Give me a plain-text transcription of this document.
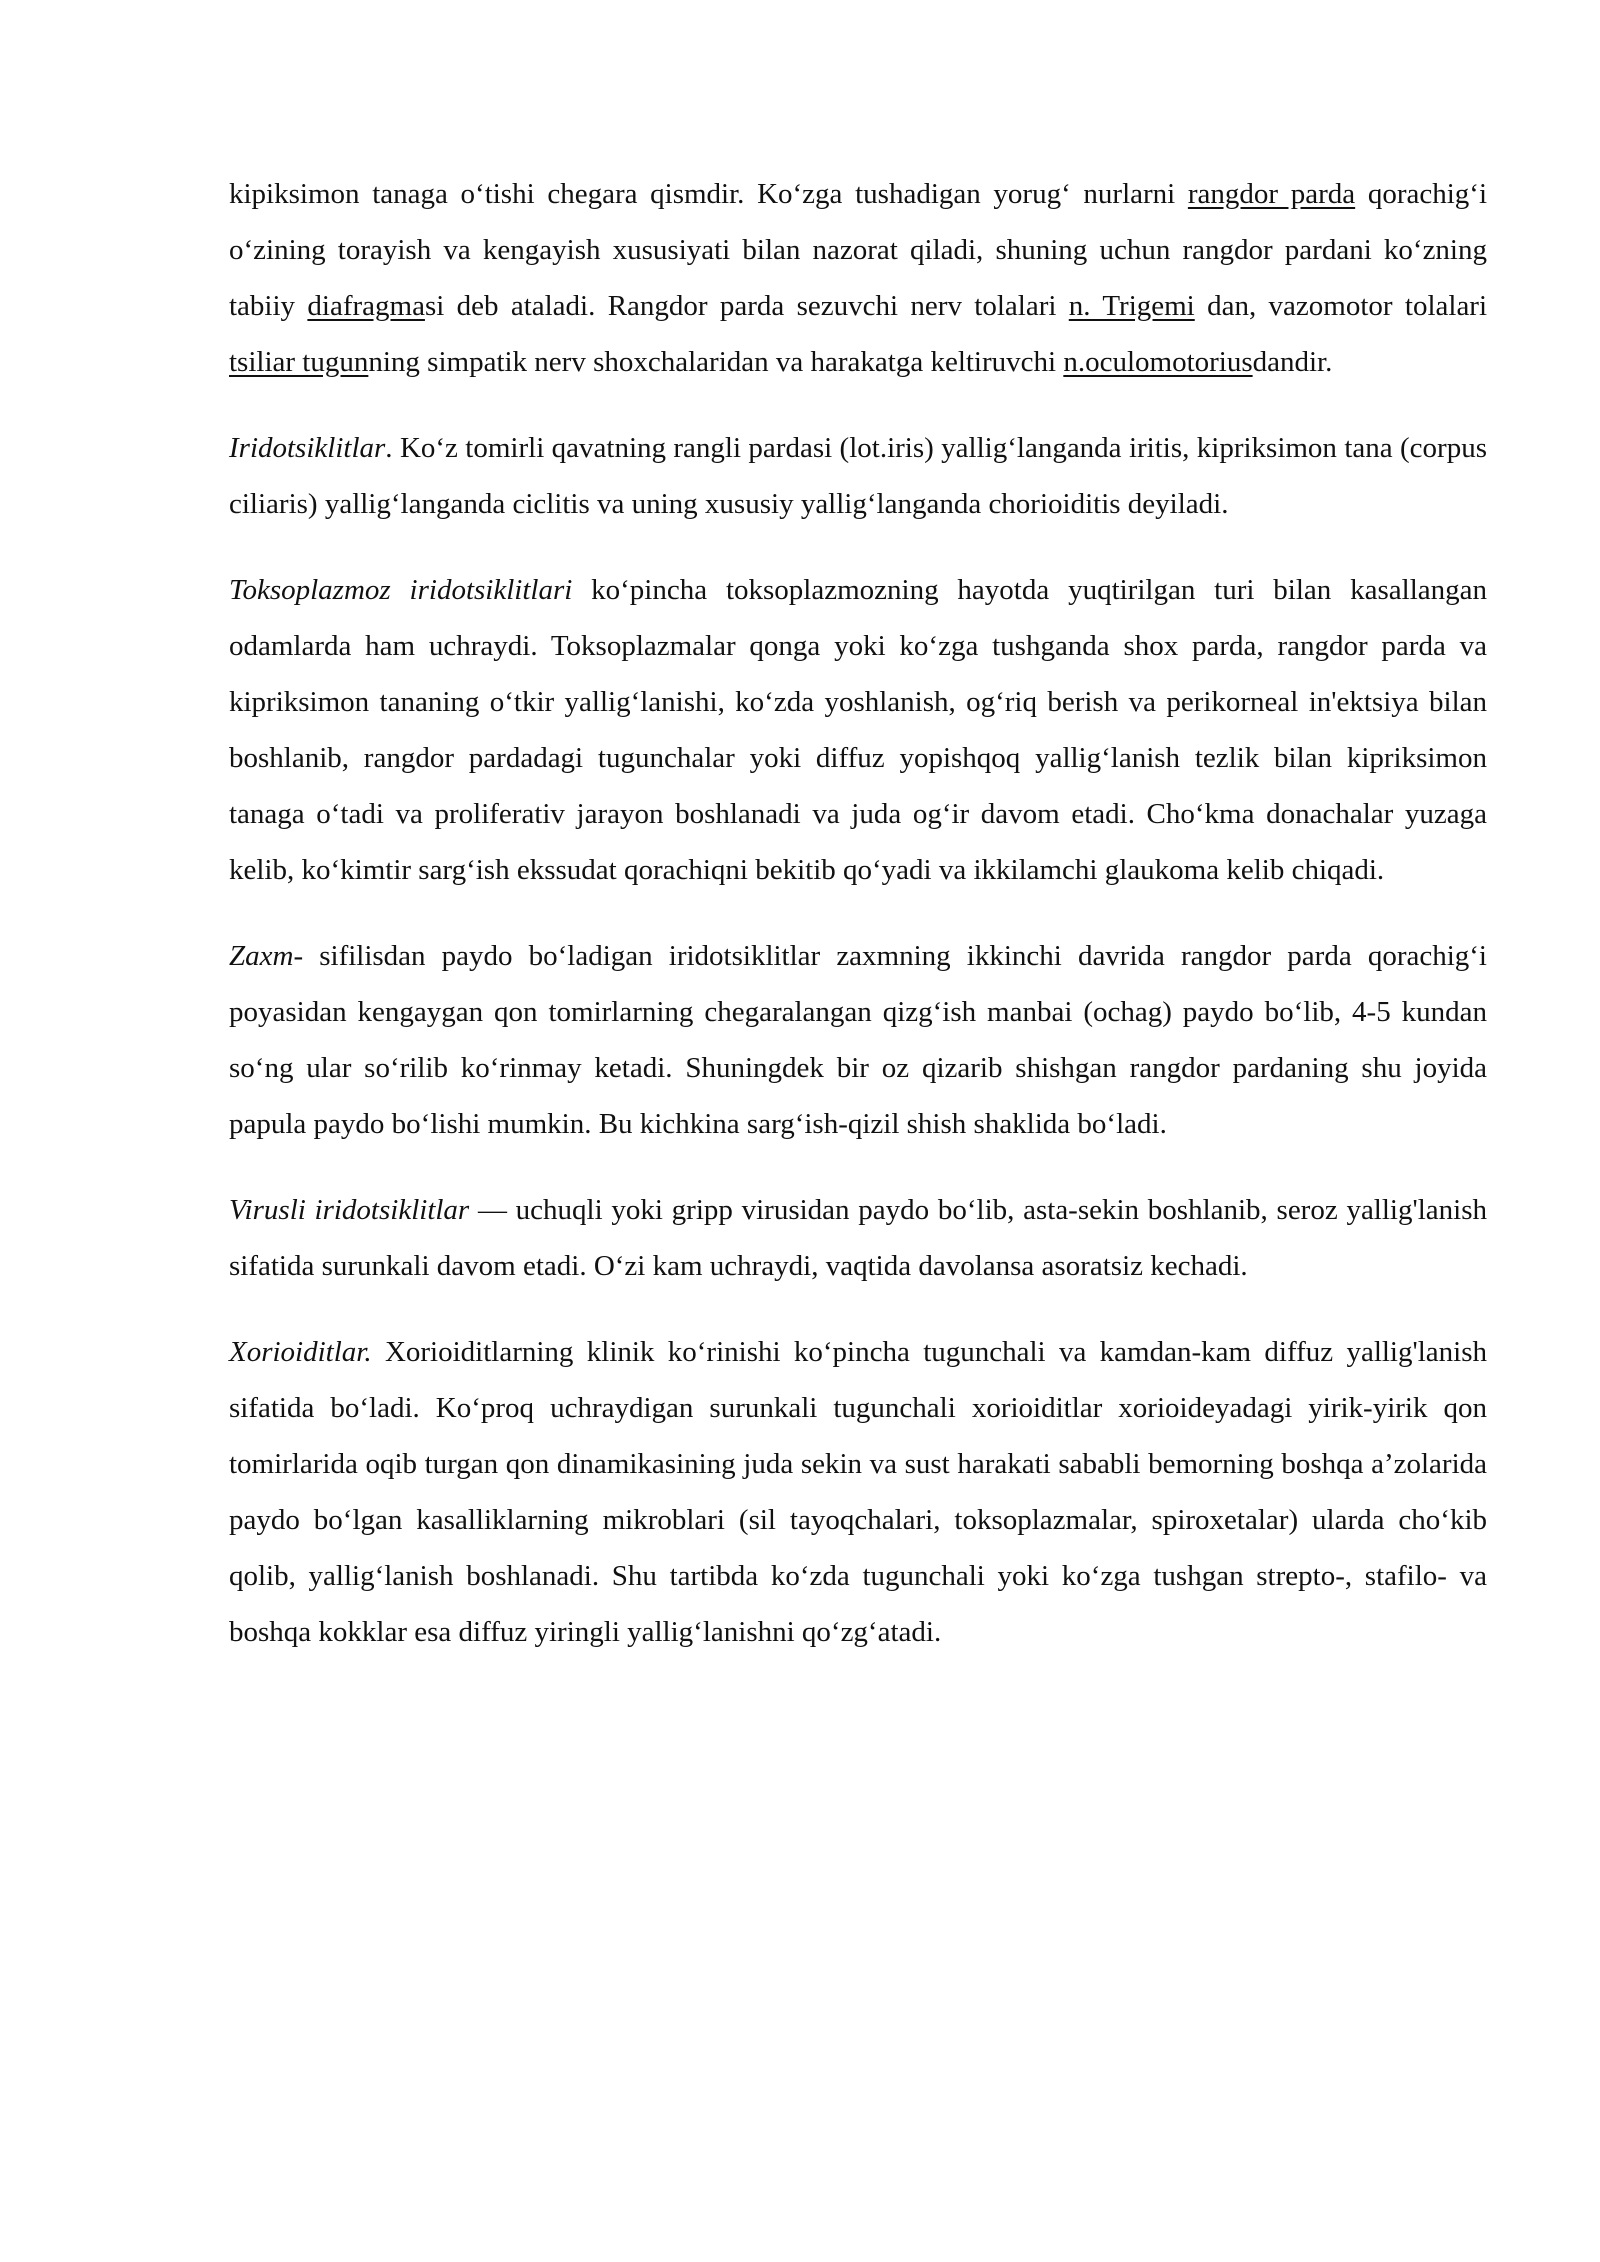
kipiksimon tanaga o‘tishi chegara qismdir. Ko‘zga tushadigan yorug‘ nurlarni rangdor parda qorachig‘i o‘zining torayish va kengayish xususiyati bilan nazorat qiladi, shuning uchun rangdor pardani ko‘zning tabiiy diafragmasi deb ataladi. Rangdor parda sezuvchi nerv tolalari n. Trigemi dan, vazomotor tolalari tsiliar tugunning simpatik nerv shoxchalaridan va harakatga keltiruvchi n.oculomotoriusdandir.

Iridotsiklitlar. Ko‘z tomirli qavatning rangli pardasi (lot.iris) yallig‘langanda iritis, kipriksimon tana (corpus ciliaris) yallig‘langanda ciclitis va uning xususiy yallig‘langanda chorioiditis deyiladi.

Toksoplazmoz iridotsiklitlari ko‘pincha toksoplazmozning hayotda yuqtirilgan turi bilan kasallangan odamlarda ham uchraydi. Toksoplazmalar qonga yoki ko‘zga tushganda shox parda, rangdor parda va kipriksimon tananing o‘tkir yallig‘lanishi, ko‘zda yoshlanish, og‘riq berish va perikorneal in'ektsiya bilan boshlanib, rangdor pardadagi tugunchalar yoki diffuz yopishqoq yallig‘lanish tezlik bilan kipriksimon tanaga o‘tadi va proliferativ jarayon boshlanadi va juda og‘ir davom etadi. Cho‘kma donachalar yuzaga kelib, ko‘kimtir sarg‘ish ekssudat qorachiqni bekitib qo‘yadi va ikkilamchi glaukoma kelib chiqadi.

Zaxm- sifilisdan paydo bo‘ladigan iridotsiklitlar zaxmning ikkinchi davrida rangdor parda qorachig‘i poyasidan kengaygan qon tomirlarning chegaralangan qizg‘ish manbai (ochag) paydo bo‘lib, 4-5 kundan so‘ng ular so‘rilib ko‘rinmay ketadi. Shuningdek bir oz qizarib shishgan rangdor pardaning shu joyida papula paydo bo‘lishi mumkin. Bu kichkina sarg‘ish-qizil shish shaklida bo‘ladi.

Virusli iridotsiklitlar — uchuqli yoki gripp virusidan paydo bo‘lib, asta-sekin boshlanib, seroz yallig'lanish sifatida surunkali davom etadi. O‘zi kam uchraydi, vaqtida davolansa asoratsiz kechadi.

Xorioiditlar. Xorioiditlarning klinik ko‘rinishi ko‘pincha tugunchali va kamdan-kam diffuz yallig'lanish sifatida bo‘ladi. Ko‘proq uchraydigan surunkali tugunchali xorioiditlar xorioideyadagi yirik-yirik qon tomirlarida oqib turgan qon dinamikasining juda sekin va sust harakati sababli bemorning boshqa a’zolarida paydo bo‘lgan kasalliklarning mikroblari (sil tayoqchalari, toksoplazmalar, spiroxetalar) ularda cho‘kib qolib, yallig‘lanish boshlanadi. Shu tartibda ko‘zda tugunchali yoki ko‘zga tushgan strepto-, stafilo- va boshqa kokklar esa diffuz yiringli yallig‘lanishni qo‘zg‘atadi.
